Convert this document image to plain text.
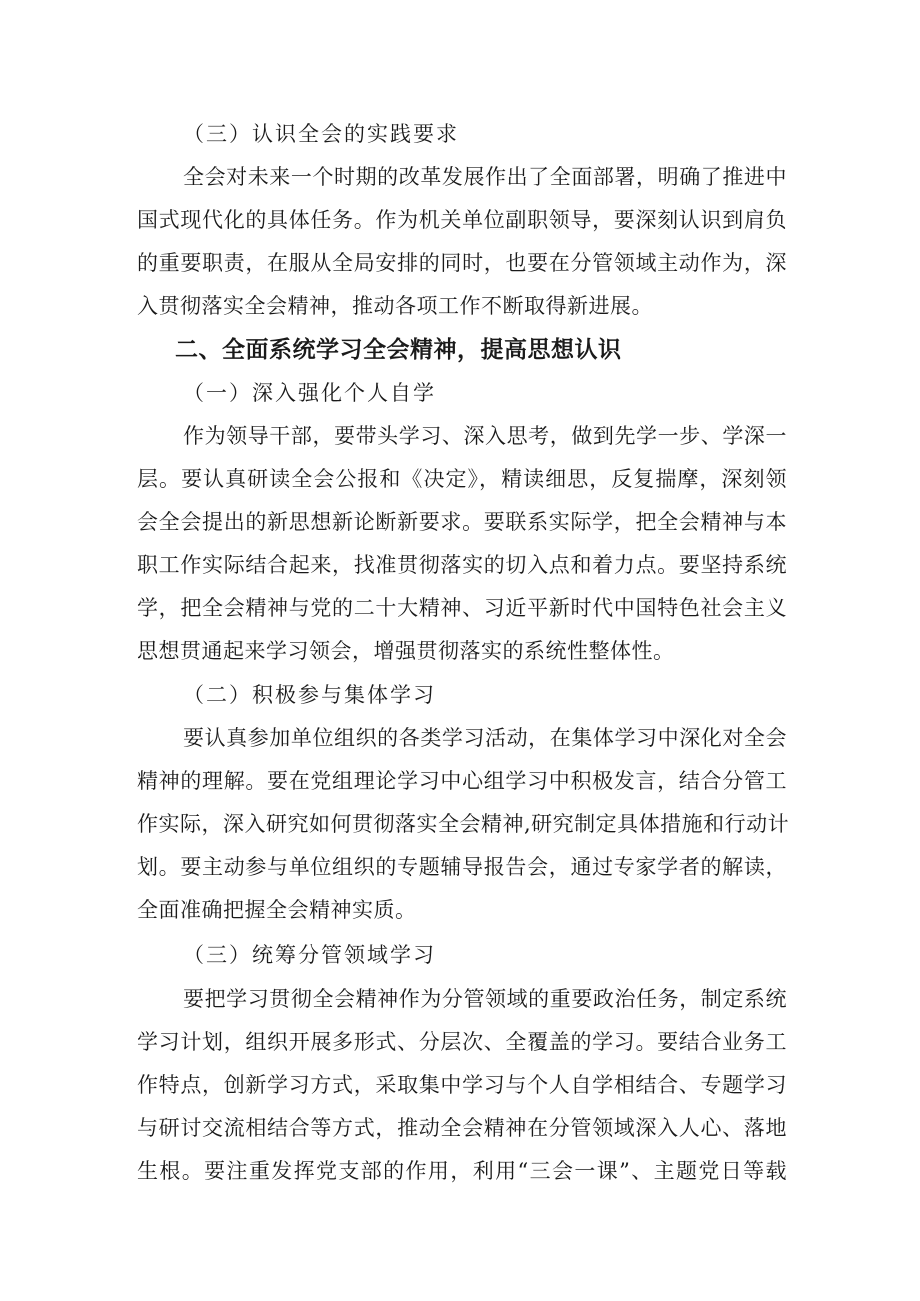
（三）认识全会的实践要求
全会对未来一个时期的改革发展作出了全面部署，明确了推进中
国式现代化的具体任务。作为机关单位副职领导，要深刻认识到肩负
的重要职责，在服从全局安排的同时，也要在分管领域主动作为，深
入贯彻落实全会精神，推动各项工作不断取得新进展。
二、全面系统学习全会精神，提高思想认识
（一）深入强化个人自学
作为领导干部，要带头学习、深入思考，做到先学一步、学深一
层。要认真研读全会公报和《决定》，精读细思，反复揣摩，深刻领
会全会提出的新思想新论断新要求。要联系实际学，把全会精神与本
职工作实际结合起来，找准贯彻落实的切入点和着力点。要坚持系统
学，把全会精神与党的二十大精神、习近平新时代中国特色社会主义
思想贯通起来学习领会，增强贯彻落实的系统性整体性。
（二）积极参与集体学习
要认真参加单位组织的各类学习活动，在集体学习中深化对全会
精神的理解。要在党组理论学习中心组学习中积极发言，结合分管工
作实际，深入研究如何贯彻落实全会精神,研究制定具体措施和行动计
划。要主动参与单位组织的专题辅导报告会，通过专家学者的解读，
全面准确把握全会精神实质。
（三）统筹分管领域学习
要把学习贯彻全会精神作为分管领域的重要政治任务，制定系统
学习计划，组织开展多形式、分层次、全覆盖的学习。要结合业务工
作特点，创新学习方式，采取集中学习与个人自学相结合、专题学习
与研讨交流相结合等方式，推动全会精神在分管领域深入人心、落地
生根。要注重发挥党支部的作用，利用“三会一课”、主题党日等载
